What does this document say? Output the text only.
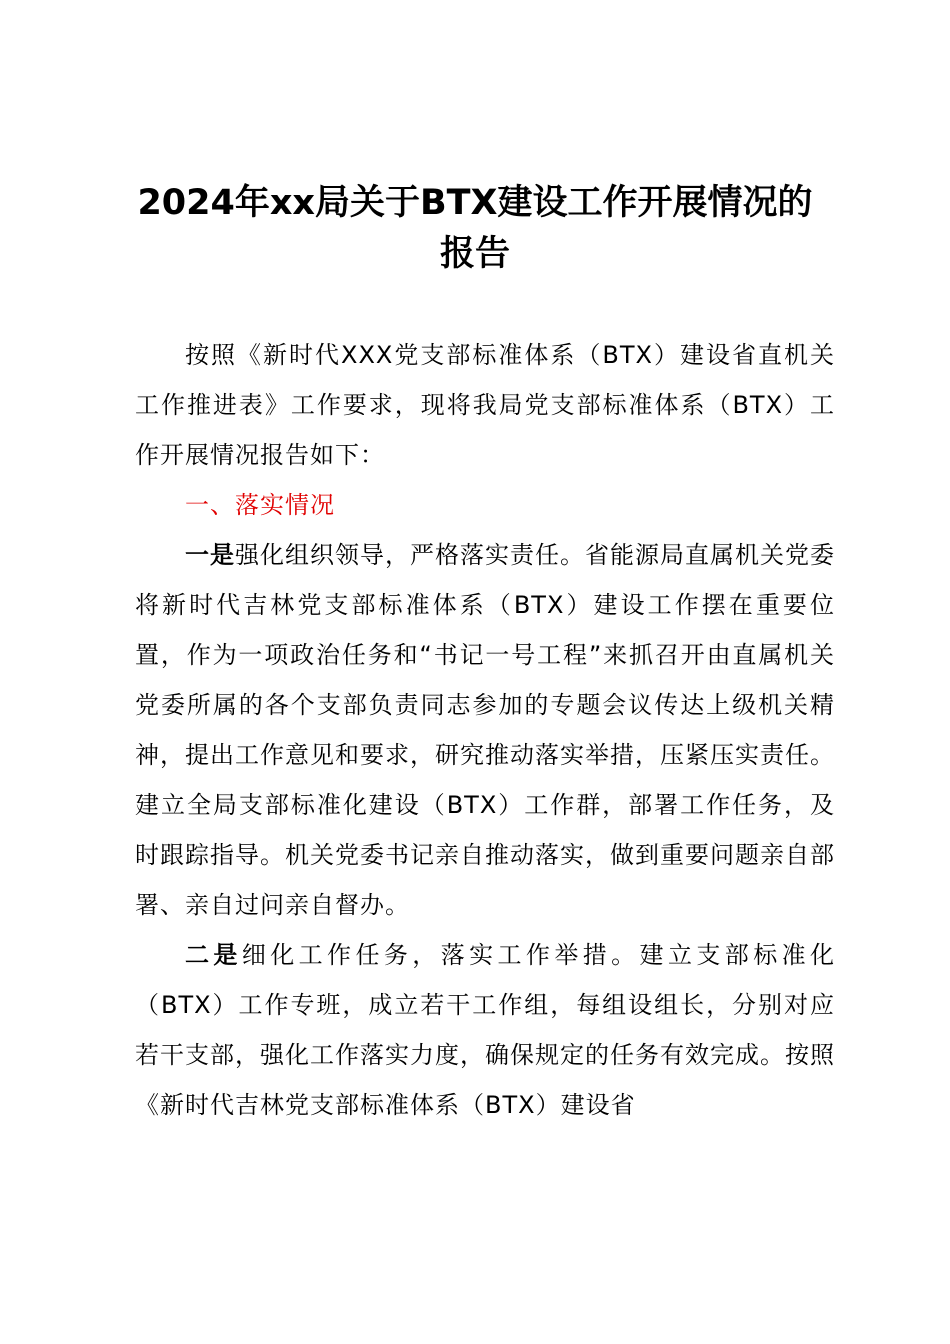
2024年xx局关于BTX建设工作开展情况的报告

按照《新时代XXX党支部标准体系（BTX）建设省直机关工作推进表》工作要求，现将我局党支部标准体系（BTX）工作开展情况报告如下：

一、落实情况

一是强化组织领导，严格落实责任。省能源局直属机关党委将新时代吉林党支部标准体系（BTX）建设工作摆在重要位置，作为一项政治任务和“书记一号工程”来抓召开由直属机关党委所属的各个支部负责同志参加的专题会议传达上级机关精神，提出工作意见和要求，研究推动落实举措，压紧压实责任。建立全局支部标准化建设（BTX）工作群，部署工作任务，及时跟踪指导。机关党委书记亲自推动落实，做到重要问题亲自部署、亲自过问亲自督办。

二是细化工作任务，落实工作举措。建立支部标准化（BTX）工作专班，成立若干工作组，每组设组长，分别对应若干支部，强化工作落实力度，确保规定的任务有效完成。按照《新时代吉林党支部标准体系（BTX）建设省
